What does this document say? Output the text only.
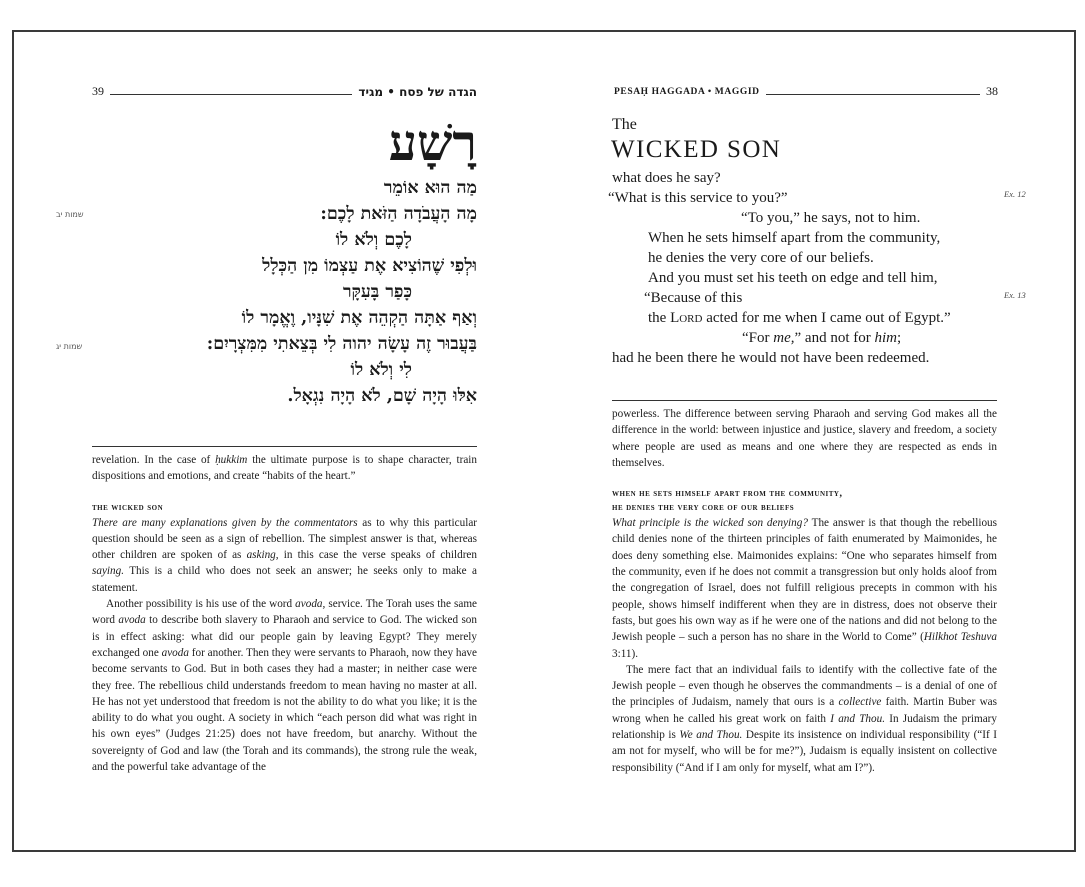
39	הגדה של פסח • מגיד
רָשָׁע
מַה הוּא אוֹמֵר
מָה הָעֲבֹדָה הַזֹּאת לָכֶם:
לָכֶם וְלֹא לוֹ
וּלְפִי שֶׁהוֹצִיא אֶת עַצְמוֹ מִן הַכְּלָל
כָּפַר בָּעִקָּר
וְאַף אַתָּה הַקְהֵה אֶת שִׁנָּיו, וֶאֱמָר לוֹ
בַּעֲבוּר זֶה עָשָׂה יהוה לִי בְּצֵאתִי מִמִּצְרָיִם:
לִי וְלֹא לוֹ
אִלּוּ הָיָה שָׁם, לֹא הָיָה נִגְאָל.
שמות יב
שמות יג

revelation. In the case of ḥukkim the ultimate purpose is to shape character, train dispositions and emotions, and create “habits of the heart.”

the wicked son

There are many explanations given by the commentators as to why this particular question should be seen as a sign of rebellion. The simplest answer is that, whereas other children are spoken of as asking, in this case the verse speaks of children saying. This is a child who does not seek an answer; he seeks only to make a statement.

Another possibility is his use of the word avoda, service. The Torah uses the same word avoda to describe both slavery to Pharaoh and service to God. The wicked son is in effect asking: what did our people gain by leaving Egypt? They merely exchanged one avoda for another. Then they were servants to Pharaoh, now they have become servants to God. But in both cases they had a master; in neither case were they free. The rebellious child understands freedom to mean having no master at all. He has not yet understood that freedom is not the ability to do what you like; it is the ability to do what you ought. A society in which “each person did what was right in his own eyes” (Judges 21:25) does not have freedom, but anarchy. Without the sovereignty of God and law (the Torah and its commands), the strong rule the weak, and the powerful take advantage of the

PESAḤ HAGGADA • MAGGID	38
The
WICKED SON
what does he say?
“What is this service to you?”
“To you,” he says, not to him.
When he sets himself apart from the community,
he denies the very core of our beliefs.
And you must set his teeth on edge and tell him,
“Because of this
the Lord acted for me when I came out of Egypt.”
“For me,” and not for him;
had he been there he would not have been redeemed.
Ex. 12
Ex. 13

powerless. The difference between serving Pharaoh and serving God makes all the difference in the world: between injustice and justice, slavery and freedom, a society where people are used as means and one where they are respected as ends in themselves.

when he sets himself apart from the community,
he denies the very core of our beliefs

What principle is the wicked son denying? The answer is that though the rebellious child denies none of the thirteen principles of faith enumerated by Maimonides, he does deny something else. Maimonides explains: “One who separates himself from the community, even if he does not commit a transgression but only holds aloof from the congregation of Israel, does not fulfill religious precepts in common with his people, shows himself indifferent when they are in distress, does not observe their fasts, but goes his own way as if he were one of the nations and did not belong to the Jewish people – such a person has no share in the World to Come” (Hilkhot Teshuva 3:11).

The mere fact that an individual fails to identify with the collective fate of the Jewish people – even though he observes the commandments – is a denial of one of the principles of Judaism, namely that ours is a collective faith. Martin Buber was wrong when he called his great work on faith I and Thou. In Judaism the primary relationship is We and Thou. Despite its insistence on individual responsibility (“If I am not for myself, who will be for me?”), Judaism is equally insistent on collective responsibility (“And if I am only for myself, what am I?”).
